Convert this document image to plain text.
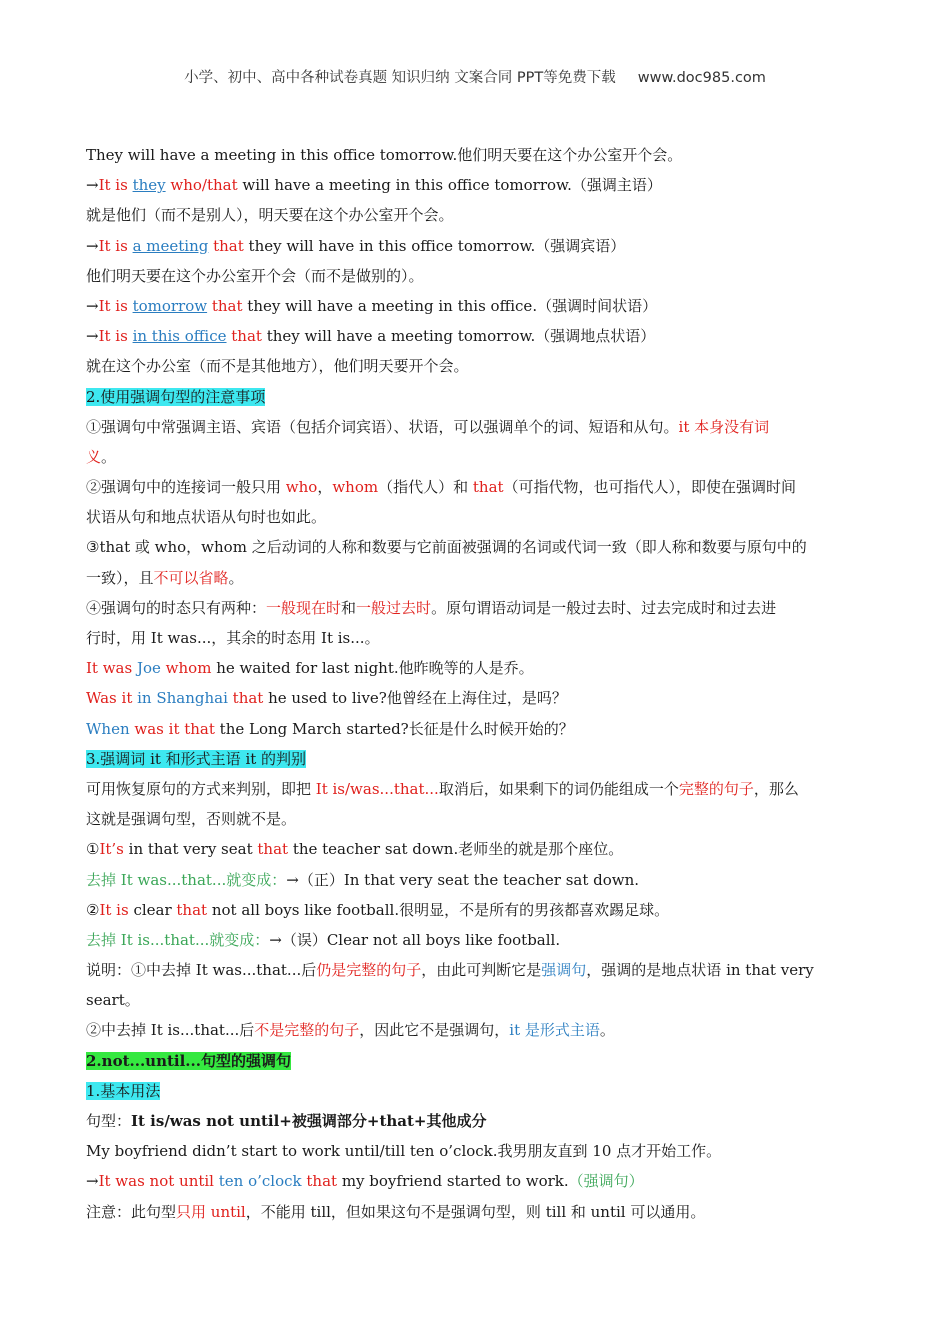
小学、初中、高中各种试卷真题 知识归纳 文案合同 PPT等免费下载 www.doc985.com
They will have a meeting in this office tomorrow.他们明天要在这个办公室开个会。
→It is they who/that will have a meeting in this office tomorrow.（强调主语）
就是他们（而不是别人），明天要在这个办公室开个会。
→It is a meeting that they will have in this office tomorrow.（强调宾语）
他们明天要在这个办公室开个会（而不是做别的）。
→It is tomorrow that they will have a meeting in this office.（强调时间状语）
→It is in this office that they will have a meeting tomorrow.（强调地点状语）
就在这个办公室（而不是其他地方），他们明天要开个会。
2.使用强调句型的注意事项
①强调句中常强调主语、宾语（包括介词宾语）、状语，可以强调单个的词、短语和从句。it 本身没有词
义。
②强调句中的连接词一般只用 who，whom（指代人）和 that（可指代物，也可指代人），即使在强调时间
状语从句和地点状语从句时也如此。
③that 或 who，whom 之后动词的人称和数要与它前面被强调的名词或代词一致（即人称和数要与原句中的
一致），且不可以省略。
④强调句的时态只有两种：一般现在时和一般过去时。原句谓语动词是一般过去时、过去完成时和过去进
行时，用 It was...，其余的时态用 It is...。
It was Joe whom he waited for last night.他昨晚等的人是乔。
Was it in Shanghai that he used to live?他曾经在上海住过，是吗？
When was it that the Long March started?长征是什么时候开始的？
3.强调词 it 和形式主语 it 的判别
可用恢复原句的方式来判别，即把 It is/was...that...取消后，如果剩下的词仍能组成一个完整的句子，那么
这就是强调句型，否则就不是。
①It’s in that very seat that the teacher sat down.老师坐的就是那个座位。
去掉 It was...that...就变成：→（正）In that very seat the teacher sat down.
②It is clear that not all boys like football.很明显，不是所有的男孩都喜欢踢足球。
去掉 It is...that...就变成：→（误）Clear not all boys like football.
说明：①中去掉 It was...that...后仍是完整的句子，由此可判断它是强调句，强调的是地点状语 in that very
seart。
②中去掉 It is...that...后不是完整的句子，因此它不是强调句，it 是形式主语。
2.not...until...句型的强调句
1.基本用法
句型：It is/was not until+被强调部分+that+其他成分
My boyfriend didn’t start to work until/till ten o’clock.我男朋友直到 10 点才开始工作。
→It was not until ten o’clock that my boyfriend started to work.（强调句）
注意：此句型只用 until，不能用 till，但如果这句不是强调句型，则 till 和 until 可以通用。
